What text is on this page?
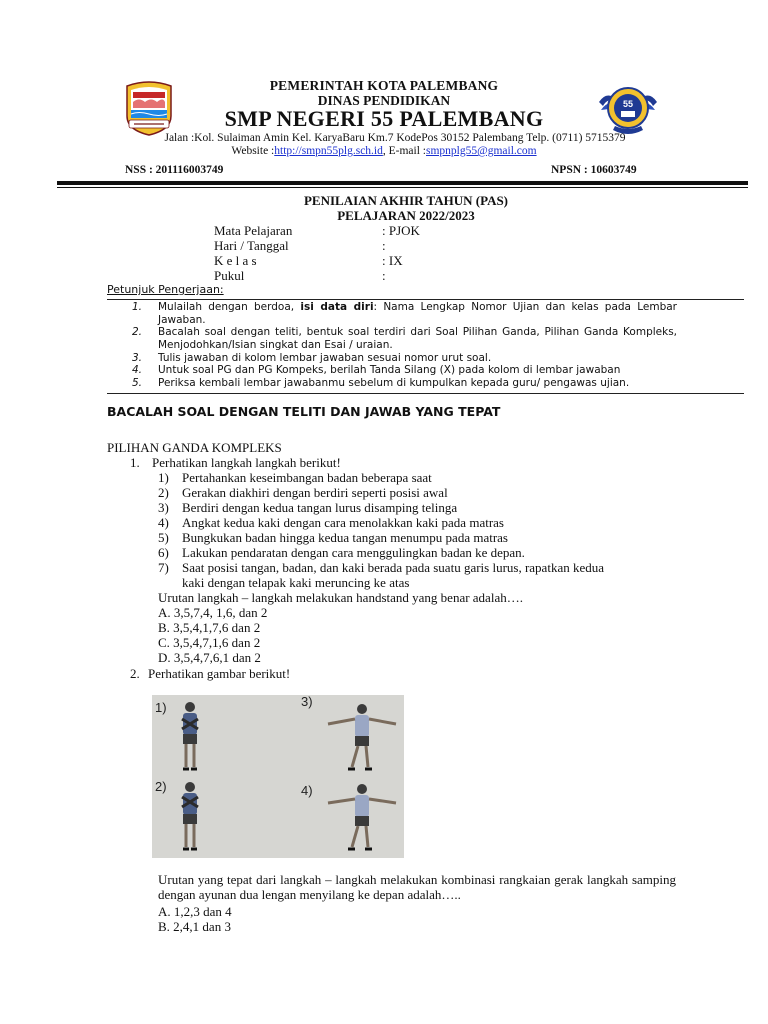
55
PEMERINTAH KOTA PALEMBANG
DINAS PENDIDIKAN
SMP NEGERI 55 PALEMBANG
Jalan :Kol. Sulaiman Amin Kel. KaryaBaru Km.7 KodePos 30152 Palembang Telp. (0711) 5715379
Website :http://smpn55plg.sch.id, E-mail :smpnplg55@gmail.com
NSS : 201116003749	NPSN : 10603749
PENILAIAN AKHIR TAHUN (PAS)
PELAJARAN 2022/2023
Mata Pelajaran	: PJOK
Hari / Tanggal	:
K e l a s	: IX
Pukul	:
Petunjuk Pengerjaan:
1. Mulailah dengan berdoa, isi data diri: Nama Lengkap Nomor Ujian dan kelas pada Lembar Jawaban.
2. Bacalah soal dengan teliti, bentuk soal terdiri dari Soal Pilihan Ganda, Pilihan Ganda Kompleks, Menjodohkan/Isian singkat dan Esai / uraian.
3. Tulis jawaban di kolom lembar jawaban sesuai nomor urut soal.
4. Untuk soal PG dan PG Kompeks, berilah Tanda Silang (X) pada kolom di lembar jawaban
5. Periksa kembali lembar jawabanmu sebelum di kumpulkan kepada guru/ pengawas ujian.
BACALAH SOAL DENGAN TELITI DAN JAWAB YANG TEPAT
PILIHAN GANDA KOMPLEKS
1. Perhatikan langkah langkah berikut!
1) Pertahankan keseimbangan badan beberapa saat
2) Gerakan diakhiri dengan berdiri seperti posisi awal
3) Berdiri dengan kedua tangan lurus disamping telinga
4) Angkat kedua kaki dengan cara menolakkan kaki pada matras
5) Bungkukan badan hingga kedua tangan menumpu pada matras
6) Lakukan pendaratan dengan cara menggulingkan badan ke depan.
7) Saat posisi tangan, badan, dan kaki berada pada suatu garis lurus, rapatkan kedua
kaki dengan telapak kaki meruncing ke atas
Urutan langkah – langkah melakukan handstand yang benar adalah….
A. 3,5,7,4, 1,6, dan 2
B. 3,5,4,1,7,6 dan 2
C. 3,5,4,7,1,6 dan 2
D. 3,5,4,7,6,1 dan 2
2. Perhatikan gambar berikut!
1)	3)
2)	4)
Urutan yang tepat dari langkah – langkah melakukan kombinasi rangkaian gerak langkah samping dengan ayunan dua lengan menyilang ke depan adalah…..
A. 1,2,3 dan 4
B. 2,4,1 dan 3
